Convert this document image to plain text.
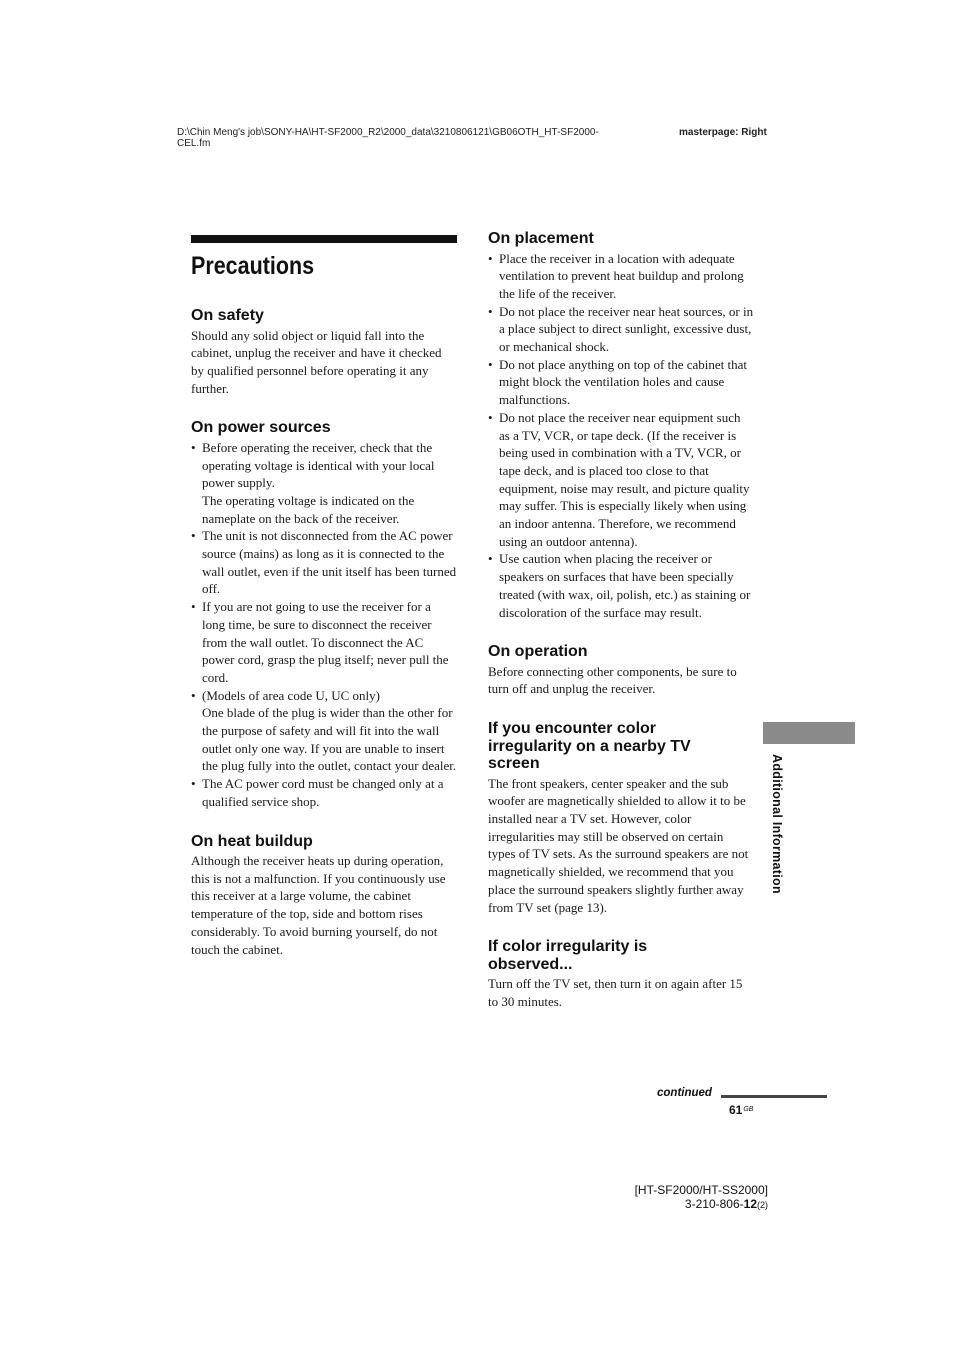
D:\Chin Meng's job\SONY-HA\HT-SF2000_R2\2000_data\3210806121\GB06OTH_HT-SF2000-
CEL.fm
masterpage: Right
Precautions
On safety

Should any solid object or liquid fall into the cabinet, unplug the receiver and have it checked by qualified personnel before operating it any further.

On power sources
• Before operating the receiver, check that the operating voltage is identical with your local power supply.
The operating voltage is indicated on the nameplate on the back of the receiver.
• The unit is not disconnected from the AC power source (mains) as long as it is connected to the wall outlet, even if the unit itself has been turned off.
• If you are not going to use the receiver for a long time, be sure to disconnect the receiver from the wall outlet. To disconnect the AC power cord, grasp the plug itself; never pull the cord.
• (Models of area code U, UC only)
One blade of the plug is wider than the other for the purpose of safety and will fit into the wall outlet only one way. If you are unable to insert the plug fully into the outlet, contact your dealer.
• The AC power cord must be changed only at a qualified service shop.
On heat buildup

Although the receiver heats up during operation, this is not a malfunction. If you continuously use this receiver at a large volume, the cabinet temperature of the top, side and bottom rises considerably. To avoid burning yourself, do not touch the cabinet.

On placement
• Place the receiver in a location with adequate ventilation to prevent heat buildup and prolong the life of the receiver.
• Do not place the receiver near heat sources, or in a place subject to direct sunlight, excessive dust, or mechanical shock.
• Do not place anything on top of the cabinet that might block the ventilation holes and cause malfunctions.
• Do not place the receiver near equipment such as a TV, VCR, or tape deck. (If the receiver is being used in combination with a TV, VCR, or tape deck, and is placed too close to that equipment, noise may result, and picture quality may suffer. This is especially likely when using an indoor antenna. Therefore, we recommend using an outdoor antenna).
• Use caution when placing the receiver or speakers on surfaces that have been specially treated (with wax, oil, polish, etc.) as staining or discoloration of the surface may result.
On operation

Before connecting other components, be sure to turn off and unplug the receiver.

If you encounter color irregularity on a nearby TV screen

The front speakers, center speaker and the sub woofer are magnetically shielded to allow it to be installed near a TV set. However, color irregularities may still be observed on certain types of TV sets. As the surround speakers are not magnetically shielded, we recommend that you place the surround speakers slightly further away from TV set (page 13).

If color irregularity is observed...

Turn off the TV set, then turn it on again after 15 to 30 minutes.

Additional Information
continued
$61^{GB}$
[HT-SF2000/HT-SS2000]
3-210-806-12(2)
